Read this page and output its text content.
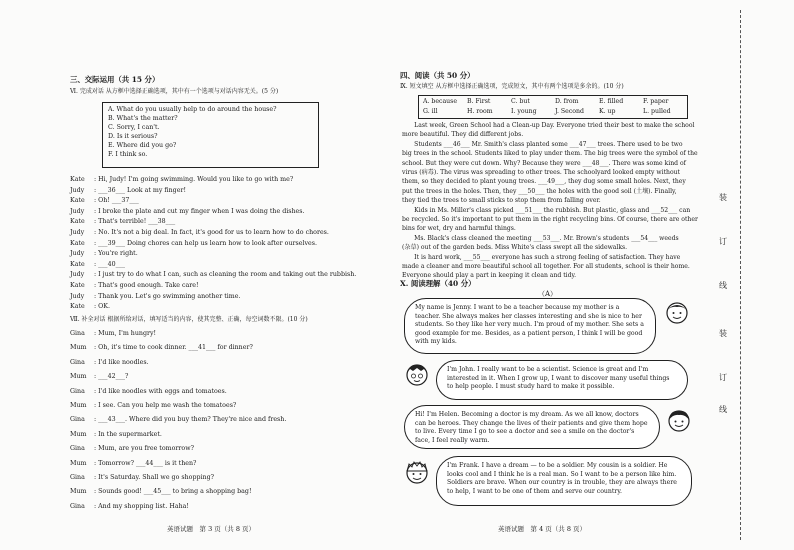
三、交际运用（共 15 分）
Ⅵ. 完成对话 从方框中选择正确选项，其中有一个选项与对话内容无关。(5 分)
A. What do you usually help to do around the house?
B. What's the matter?
C. Sorry, I can't.
D. Is it serious?
E. Where did you go?
F. I think so.
Kate : Hi, Judy! I'm going swimming. Would you like to go with me?
Judy : ___36___ Look at my finger!
Kate : Oh! ___37___
Judy : I broke the plate and cut my finger when I was doing the dishes.
Kate : That's terrible! ___38___
Judy : No. It's not a big deal. In fact, it's good for us to learn how to do chores.
Kate : ___39___ Doing chores can help us learn how to look after ourselves.
Judy : You're right.
Kate : ___40___
Judy : I just try to do what I can, such as cleaning the room and taking out the rubbish.
Kate : That's good enough. Take care!
Judy : Thank you. Let's go swimming another time.
Kate : OK.
Ⅶ. 补全对话 根据所给对话，填写适当的内容，使其完整、正确，每空词数不限。(10 分)
Gina : Mum, I'm hungry!
Mum : Oh, it's time to cook dinner. ___41___ for dinner?
Gina : I'd like noodles.
Mum : ___42___?
Gina : I'd like noodles with eggs and tomatoes.
Mum : I see. Can you help me wash the tomatoes?
Gina : ___43___. Where did you buy them? They're nice and fresh.
Mum : In the supermarket.
Gina : Mum, are you free tomorrow?
Mum : Tomorrow? ___44___ is it then?
Gina : It's Saturday. Shall we go shopping?
Mum : Sounds good! ___45___ to bring a shopping bag!
Gina : And my shopping list. Haha!
英语试题　第 3 页（共 8 页）
四、阅读（共 50 分）
Ⅸ. 短文填空 从方框中选择正确选项，完成短文，其中有两个选项是多余的。(10 分)
A. because B. First	C. but	D. from	E. filled	F. paper
G. ill	H. room	I. young	J. Second K. up	L. pulled
　　Last week, Green School had a Clean-up Day. Everyone tried their best to make the school
more beautiful. They did different jobs.
　　Students ___46___ Mr. Smith's class planted some ___47___ trees. There used to be two
big trees in the school. Students liked to play under them. The big trees were the symbol of the
school. But they were cut down. Why? Because they were ___48___. There was some kind of
virus (病毒). The virus was spreading to other trees. The schoolyard looked empty without
them, so they decided to plant young trees. ___49___, they dug some small holes. Next, they
put the trees in the holes. Then, they ___50___ the holes with the good soil (土壤). Finally,
they tied the trees to small sticks to stop them from falling over.
　　Kids in Ms. Miller's class picked ___51___ the rubbish. But plastic, glass and ___52___ can
be recycled. So it's important to put them in the right recycling bins. Of course, there are other
bins for wet, dry and harmful things.
　　Ms. Black's class cleaned the meeting ___53___. Mr. Brown's students ___54___ weeds
(杂草) out of the garden beds. Miss White's class swept all the sidewalks.
　　It is hard work, ___55___ everyone has such a strong feeling of satisfaction. They have
made a cleaner and more beautiful school all together. For all students, school is their home.
Everyone should play a part in keeping it clean and tidy.
X. 阅读理解（40 分）
（A）
My name is Jenny. I want to be a teacher because my mother is a teacher. She always makes her classes interesting and she is nice to her students. So they like her very much. I'm proud of my mother. She sets a good example for me. Besides, as a patient person, I think I will be good with my kids.
I'm John. I really want to be a scientist. Science is great and I'm interested in it. When I grow up, I want to discover many useful things to help people. I must study hard to make it possible.
Hi! I'm Helen. Becoming a doctor is my dream. As we all know, doctors can be heroes. They change the lives of their patients and give them hope to live. Every time I go to see a doctor and see a smile on the doctor's face, I feel really warm.
I'm Frank. I have a dream — to be a soldier. My cousin is a soldier. He looks cool and I think he is a real man. So I want to be a person like him. Soldiers are brave. When our country is in trouble, they are always there to help, I want to be one of them and serve our country.
英语试题　第 4 页（共 8 页）
装
订
线
装
订
线
